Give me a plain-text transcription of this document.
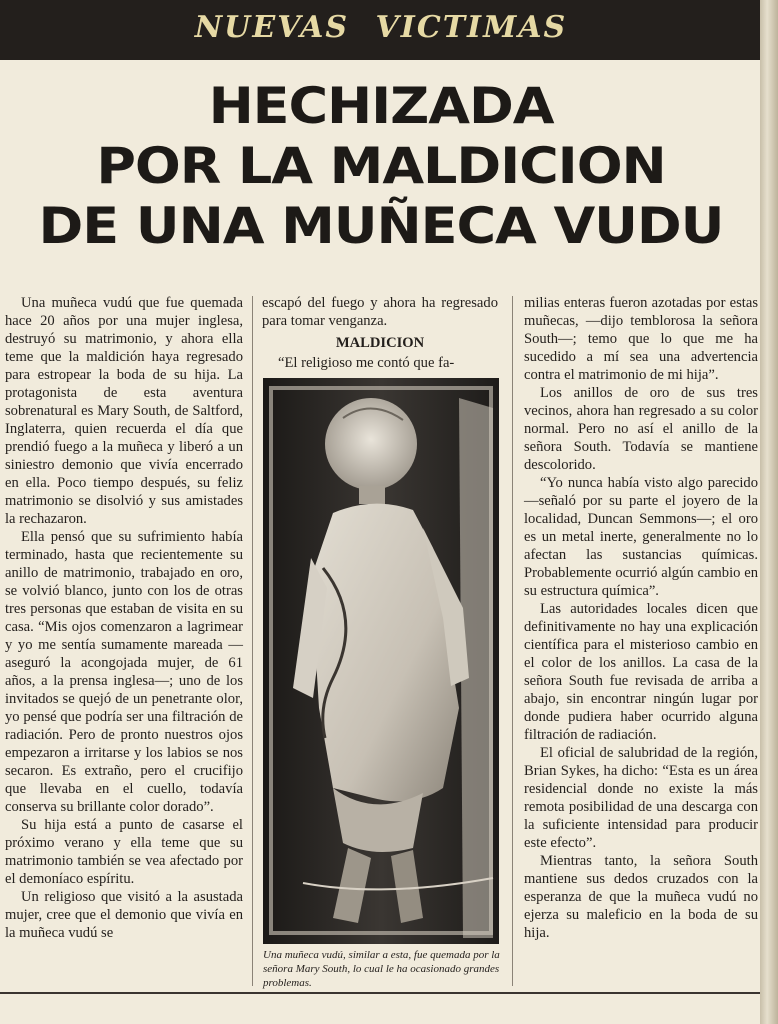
NUEVAS VICTIMAS
HECHIZADA
POR LA MALDICION
DE UNA MUÑECA VUDU

Una muñeca vudú que fue quemada hace 20 años por una mujer inglesa, destruyó su matrimonio, y ahora ella teme que la maldición haya regresado para estropear la boda de su hija. La protagonista de esta aventura sobrenatural es Mary South, de Saltford, Inglaterra, quien recuerda el día que prendió fuego a la muñeca y liberó a un siniestro demonio que vivía encerrado en ella. Poco tiempo después, su feliz matrimonio se disolvió y sus amistades la rechazaron.

Ella pensó que su sufrimiento había terminado, hasta que recientemente su anillo de matrimonio, trabajado en oro, se volvió blanco, junto con los de otras tres personas que estaban de visita en su casa. “Mis ojos comenzaron a lagrimear y yo me sentía sumamente mareada —aseguró la acongojada mujer, de 61 años, a la prensa inglesa—; uno de los invitados se quejó de un penetrante olor, yo pensé que podría ser una filtración de radiación. Pero de pronto nuestros ojos empezaron a irritarse y los labios se nos secaron. Es extraño, pero el crucifijo que llevaba en el cuello, todavía conserva su brillante color dorado”.

Su hija está a punto de casarse el próximo verano y ella teme que su matrimonio también se vea afectado por el demoníaco espíritu.

Un religioso que visitó a la asustada mujer, cree que el demonio que vivía en la muñeca vudú se

escapó del fuego y ahora ha regresado para tomar venganza.

MALDICION

“El religioso me contó que fa-

Una muñeca vudú, similar a esta, fue quemada por la señora Mary South, lo cual le ha ocasionado grandes problemas.

milias enteras fueron azotadas por estas muñecas, —dijo temblorosa la señora South—; temo que lo que me ha sucedido a mí sea una advertencia contra el matrimonio de mi hija”.

Los anillos de oro de sus tres vecinos, ahora han regresado a su color normal. Pero no así el anillo de la señora South. Todavía se mantiene descolorido.

“Yo nunca había visto algo parecido —señaló por su parte el joyero de la localidad, Duncan Semmons—; el oro es un metal inerte, generalmente no lo afectan las sustancias químicas. Probablemente ocurrió algún cambio en su estructura química”.

Las autoridades locales dicen que definitivamente no hay una explicación científica para el misterioso cambio en el color de los anillos. La casa de la señora South fue revisada de arriba a abajo, sin encontrar ningún lugar por donde pudiera haber ocurrido alguna filtración de radiación.

El oficial de salubridad de la región, Brian Sykes, ha dicho: “Esta es un área residencial donde no existe la más remota posibilidad de una descarga con la suficiente intensidad para producir este efecto”.

Mientras tanto, la señora South mantiene sus dedos cruzados con la esperanza de que la muñeca vudú no ejerza su maleficio en la boda de su hija.
